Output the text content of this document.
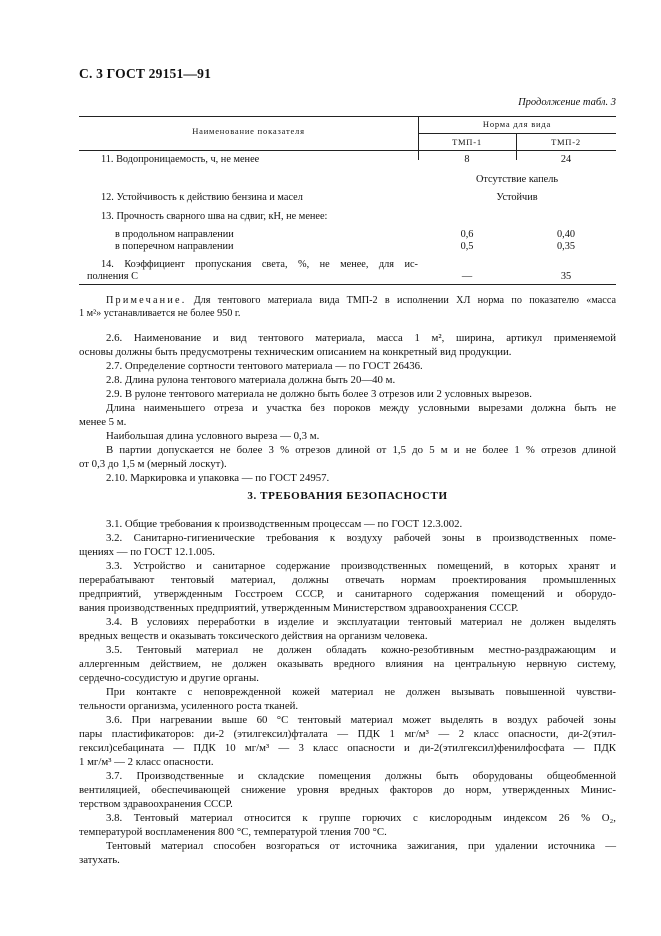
С. 3 ГОСТ 29151—91
Продолжение табл. 3
Наименование показателя
Норма для вида
ТМП-1	ТМП-2
11. Водопроницаемость, ч, не менее	8	24
Отсутствие капель
12. Устойчивость к действию бензина и масел	Устойчив
13. Прочность сварного шва на сдвиг, кН, не менее:
в продольном направлении	0,6	0,40
в поперечном направлении	0,5	0,35
14. Коэффициент пропускания света, %, не менее, для ис-
полнения С	—	35
Примечание. Для тентового материала вида ТМП-2 в исполнении ХЛ норма по показателю «масса
1 м²» устанавливается не более 950 г.

2.6. Наименование и вид тентового материала, масса 1 м², ширина, артикул применяемой

основы должны быть предусмотрены техническим описанием на конкретный вид продукции.

2.7. Определение сортности тентового материала — по ГОСТ 26436.

2.8. Длина рулона тентового материала должна быть 20—40 м.

2.9. В рулоне тентового материала не должно быть более 3 отрезов или 2 условных вырезов.

Длина наименьшего отреза и участка без пороков между условными вырезами должна быть не

менее 5 м.

Наибольшая длина условного выреза — 0,3 м.

В партии допускается не более 3 % отрезов длиной от 1,5 до 5 м и не более 1 % отрезов длиной

от 0,3 до 1,5 м (мерный лоскут).

2.10. Маркировка и упаковка — по ГОСТ 24957.

3. ТРЕБОВАНИЯ БЕЗОПАСНОСТИ

3.1. Общие требования к производственным процессам — по ГОСТ 12.3.002.

3.2. Санитарно-гигиенические требования к воздуху рабочей зоны в производственных поме-

щениях — по ГОСТ 12.1.005.

3.3. Устройство и санитарное содержание производственных помещений, в которых хранят и

перерабатывают тентовый материал, должны отвечать нормам проектирования промышленных

предприятий, утвержденным Госстроем СССР, и санитарного содержания помещений и оборудо-

вания производственных предприятий, утвержденным Министерством здравоохранения СССР.

3.4. В условиях переработки в изделие и эксплуатации тентовый материал не должен выделять

вредных веществ и оказывать токсического действия на организм человека.

3.5. Тентовый материал не должен обладать кожно-резобтивным местно-раздражающим и

аллергенным действием, не должен оказывать вредного влияния на центральную нервную систему,

сердечно-сосудистую и другие органы.

При контакте с неповрежденной кожей материал не должен вызывать повышенной чувстви-

тельности организма, усиленного роста тканей.

3.6. При нагревании выше 60 °С тентовый материал может выделять в воздух рабочей зоны

пары пластификаторов: ди-2 (этилгексил)фталата — ПДК 1 мг/м³ — 2 класс опасности, ди-2(этил-

гексил)себацината — ПДК 10 мг/м³ — 3 класс опасности и ди-2(этилгексил)фенилфосфата — ПДК

1 мг/м³ — 2 класс опасности.

3.7. Производственные и складские помещения должны быть оборудованы общеобменной

вентиляцией, обеспечивающей снижение уровня вредных факторов до норм, утвержденных Минис-

терством здравоохранения СССР.

3.8. Тентовый материал относится к группе горючих с кислородным индексом 26 % О₂,

температурой воспламенения 800 °С, температурой тления 700 °С.

Тентовый материал способен возгораться от источника зажигания, при удалении источника —

затухать.
